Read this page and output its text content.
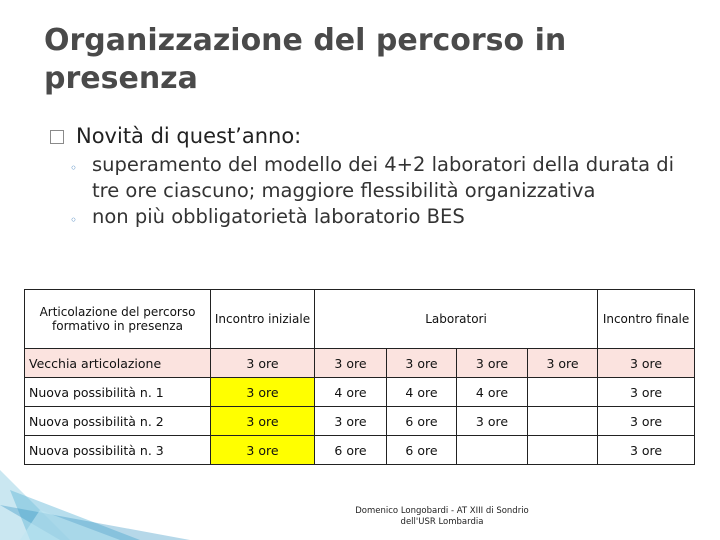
Organizzazione del percorso in presenza
Novità di quest’anno:
◦ superamento del modello dei 4+2 laboratori della durata di tre ore ciascuno; maggiore flessibilità organizzativa
◦ non più obbligatorietà laboratorio BES
Articolazione del percorso formativo in presenza	Incontro iniziale	Laboratori				Incontro finale
Vecchia articolazione	3 ore	3 ore	3 ore	3 ore	3 ore	3 ore
Nuova possibilità n. 1	3 ore	4 ore	4 ore	4 ore		3 ore
Nuova possibilità n. 2	3 ore	3 ore	6 ore	3 ore		3 ore
Nuova possibilità n. 3	3 ore	6 ore	6 ore			3 ore
Domenico Longobardi - AT XIII di Sondrio dell'USR Lombardia
